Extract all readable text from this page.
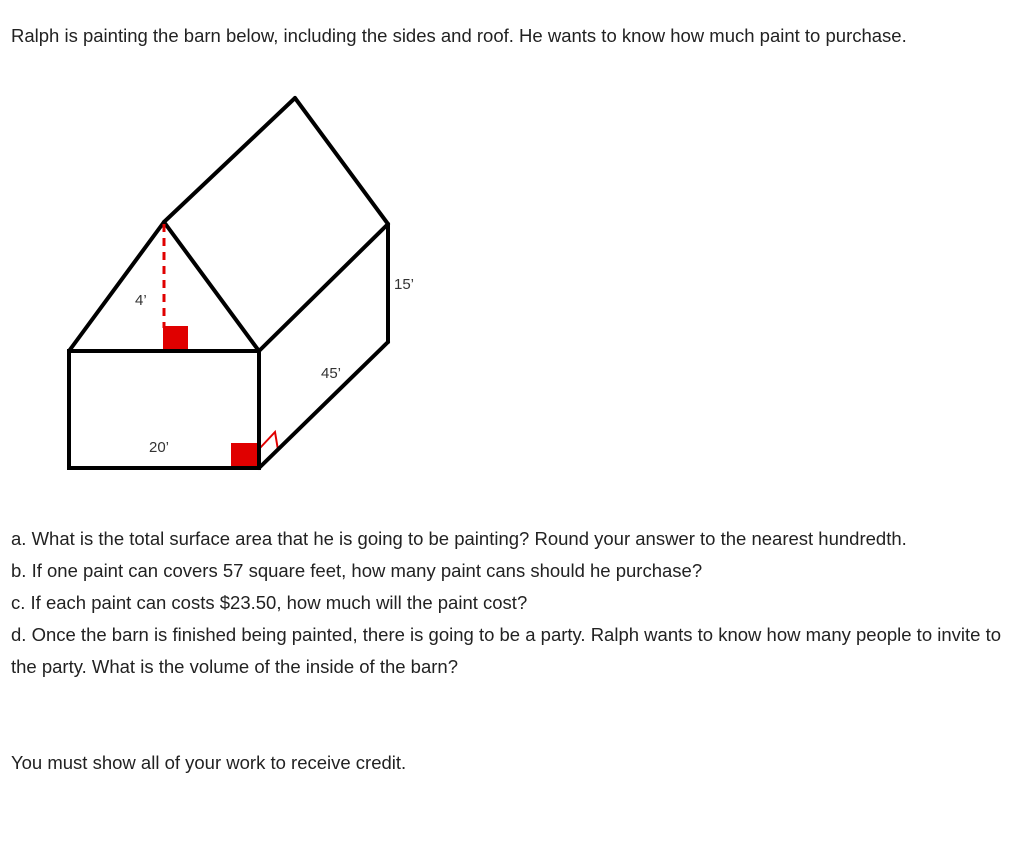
Ralph is painting the barn below, including the sides and roof. He wants to know how much paint to purchase.

4’
45’
20’
15’
a. What is the total surface area that he is going to be painting? Round your answer to the nearest hundredth.
b. If one paint can covers 57 square feet, how many paint cans should he purchase?
c. If each paint can costs $23.50, how much will the paint cost?
d. Once the barn is finished being painted, there is going to be a party. Ralph wants to know how many people to invite to the party. What is the volume of the inside of the barn?

You must show all of your work to receive credit.
